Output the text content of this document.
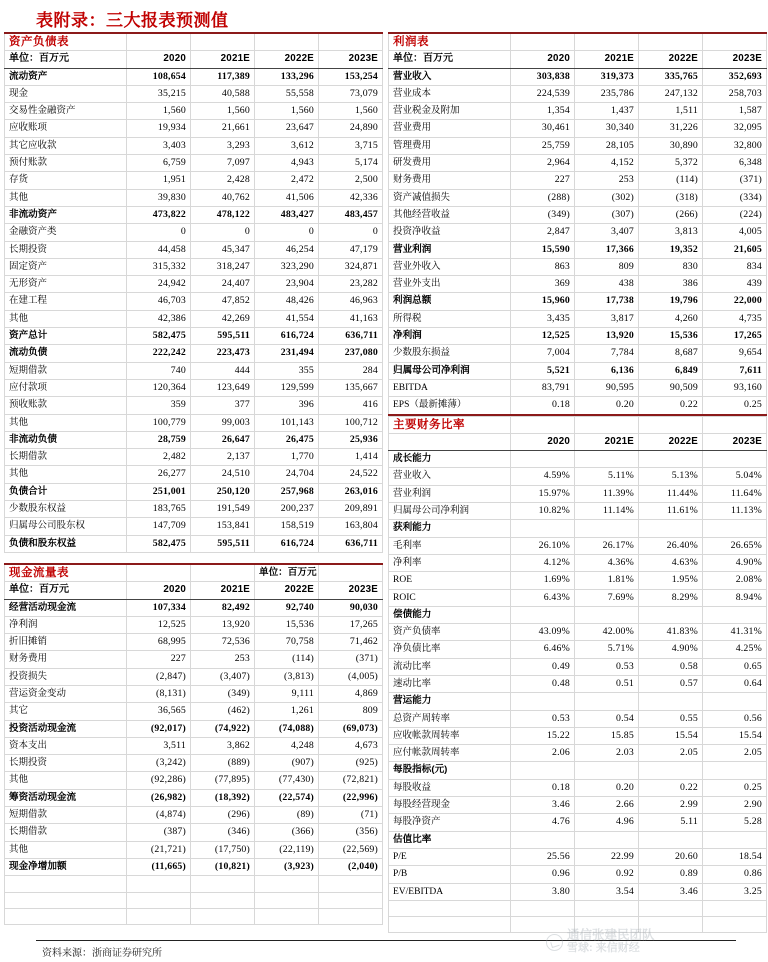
表附录：三大报表预测值
资产负债表				
单位：百万元	2020	2021E	2022E	2023E
流动资产	108,654	117,389	133,296	153,254
现金	35,215	40,588	55,558	73,079
交易性金融资产	1,560	1,560	1,560	1,560
应收账项	19,934	21,661	23,647	24,890
其它应收款	3,403	3,293	3,612	3,715
预付账款	6,759	7,097	4,943	5,174
存货	1,951	2,428	2,472	2,500
其他	39,830	40,762	41,506	42,336
非流动资产	473,822	478,122	483,427	483,457
金融资产类	0	0	0	0
长期投资	44,458	45,347	46,254	47,179
固定资产	315,332	318,247	323,290	324,871
无形资产	24,942	24,407	23,904	23,282
在建工程	46,703	47,852	48,426	46,963
其他	42,386	42,269	41,554	41,163
资产总计	582,475	595,511	616,724	636,711
流动负债	222,242	223,473	231,494	237,080
短期借款	740	444	355	284
应付款项	120,364	123,649	129,599	135,667
预收账款	359	377	396	416
其他	100,779	99,003	101,143	100,712
非流动负债	28,759	26,647	26,475	25,936
长期借款	2,482	2,137	1,770	1,414
其他	26,277	24,510	24,704	24,522
负债合计	251,001	250,120	257,968	263,016
少数股东权益	183,765	191,549	200,237	209,891
归属母公司股东权	147,709	153,841	158,519	163,804
负债和股东权益	582,475	595,511	616,724	636,711
现金流量表			单位：百万元	
单位：百万元	2020	2021E	2022E	2023E
经营活动现金流	107,334	82,492	92,740	90,030
净利润	12,525	13,920	15,536	17,265
折旧摊销	68,995	72,536	70,758	71,462
财务费用	227	253	(114)	(371)
投资损失	(2,847)	(3,407)	(3,813)	(4,005)
营运资金变动	(8,131)	(349)	9,111	4,869
其它	36,565	(462)	1,261	809
投资活动现金流	(92,017)	(74,922)	(74,088)	(69,073)
资本支出	3,511	3,862	4,248	4,673
长期投资	(3,242)	(889)	(907)	(925)
其他	(92,286)	(77,895)	(77,430)	(72,821)
筹资活动现金流	(26,982)	(18,392)	(22,574)	(22,996)
短期借款	(4,874)	(296)	(89)	(71)
长期借款	(387)	(346)	(366)	(356)
其他	(21,721)	(17,750)	(22,119)	(22,569)
现金净增加额	(11,665)	(10,821)	(3,923)	(2,040)

利润表				
单位：百万元	2020	2021E	2022E	2023E
营业收入	303,838	319,373	335,765	352,693
营业成本	224,539	235,786	247,132	258,703
营业税金及附加	1,354	1,437	1,511	1,587
营业费用	30,461	30,340	31,226	32,095
管理费用	25,759	28,105	30,890	32,800
研发费用	2,964	4,152	5,372	6,348
财务费用	227	253	(114)	(371)
资产减值损失	(288)	(302)	(318)	(334)
其他经营收益	(349)	(307)	(266)	(224)
投资净收益	2,847	3,407	3,813	4,005
营业利润	15,590	17,366	19,352	21,605
营业外收入	863	809	830	834
营业外支出	369	438	386	439
利润总额	15,960	17,738	19,796	22,000
所得税	3,435	3,817	4,260	4,735
净利润	12,525	13,920	15,536	17,265
少数股东损益	7,004	7,784	8,687	9,654
归属母公司净利润	5,521	6,136	6,849	7,611
EBITDA	83,791	90,595	90,509	93,160
EPS（最新摊薄）	0.18	0.20	0.22	0.25
主要财务比率				
	2020	2021E	2022E	2023E
成长能力				
营业收入	4.59%	5.11%	5.13%	5.04%
营业利润	15.97%	11.39%	11.44%	11.64%
归属母公司净利润	10.82%	11.14%	11.61%	11.13%
获利能力				
毛利率	26.10%	26.17%	26.40%	26.65%
净利率	4.12%	4.36%	4.63%	4.90%
ROE	1.69%	1.81%	1.95%	2.08%
ROIC	6.43%	7.69%	8.29%	8.94%
偿债能力				
资产负债率	43.09%	42.00%	41.83%	41.31%
净负债比率	6.46%	5.71%	4.90%	4.25%
流动比率	0.49	0.53	0.58	0.65
速动比率	0.48	0.51	0.57	0.64
营运能力				
总资产周转率	0.53	0.54	0.55	0.56
应收帐款周转率	15.22	15.85	15.54	15.54
应付帐款周转率	2.06	2.03	2.05	2.05
每股指标(元)				
每股收益	0.18	0.20	0.22	0.25
每股经营现金	3.46	2.66	2.99	2.90
每股净资产	4.76	4.96	5.11	5.28
估值比率				
P/E	25.56	22.99	20.60	18.54
P/B	0.96	0.92	0.89	0.86
EV/EBITDA	3.80	3.54	3.46	3.25

资料来源：浙商证券研究所
通信张建民团队
雪球: 来信财经
